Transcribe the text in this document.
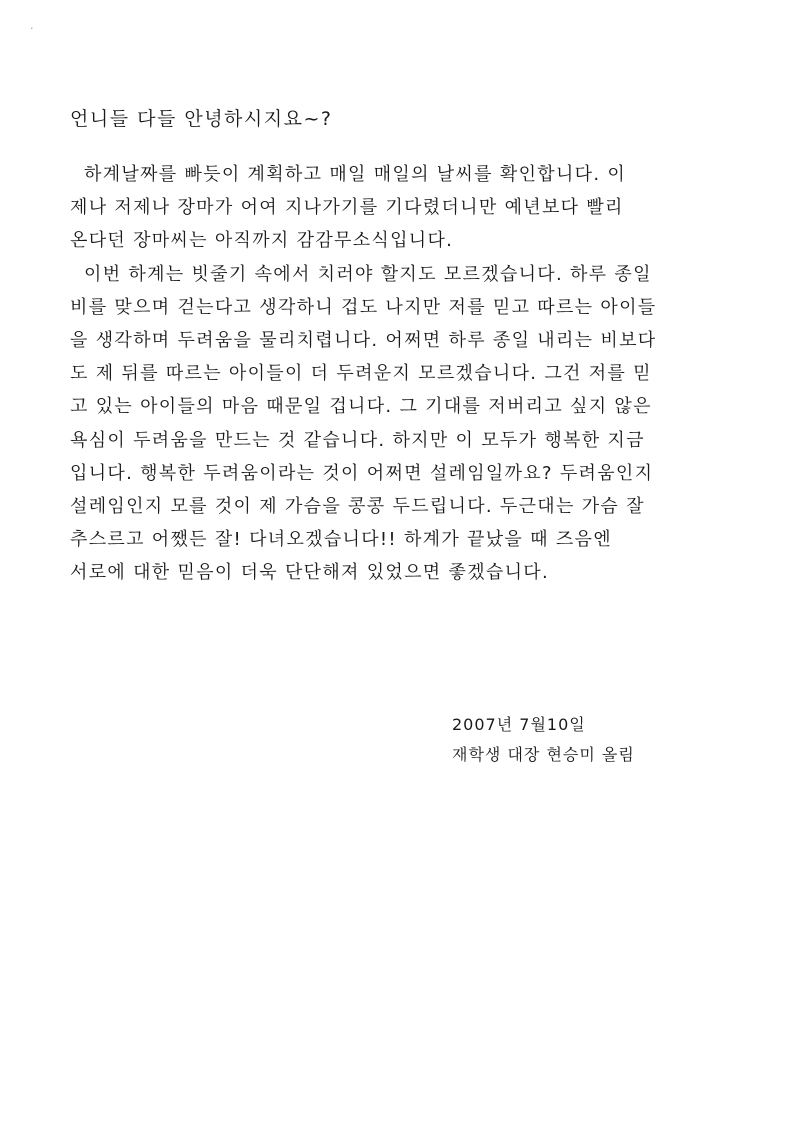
·
언니들 다들 안녕하시지요~?
하계날짜를 빠듯이 계획하고 매일 매일의 날씨를 확인합니다. 이
제나 저제나 장마가 어여 지나가기를 기다렸더니만 예년보다 빨리
온다던 장마씨는 아직까지 감감무소식입니다.
이번 하계는 빗줄기 속에서 치러야 할지도 모르겠습니다. 하루 종일
비를 맞으며 걷는다고 생각하니 겁도 나지만 저를 믿고 따르는 아이들
을 생각하며 두려움을 물리치렵니다. 어쩌면 하루 종일 내리는 비보다
도 제 뒤를 따르는 아이들이 더 두려운지 모르겠습니다. 그건 저를 믿
고 있는 아이들의 마음 때문일 겁니다. 그 기대를 저버리고 싶지 않은
욕심이 두려움을 만드는 것 같습니다. 하지만 이 모두가 행복한 지금
입니다. 행복한 두려움이라는 것이 어쩌면 설레임일까요? 두려움인지
설레임인지 모를 것이 제 가슴을 콩콩 두드립니다. 두근대는 가슴 잘
추스르고 어쨌든 잘! 다녀오겠습니다!! 하계가 끝났을 때 즈음엔
서로에 대한 믿음이 더욱 단단해져 있었으면 좋겠습니다.
2007년 7월10일
재학생 대장 현승미 올림
